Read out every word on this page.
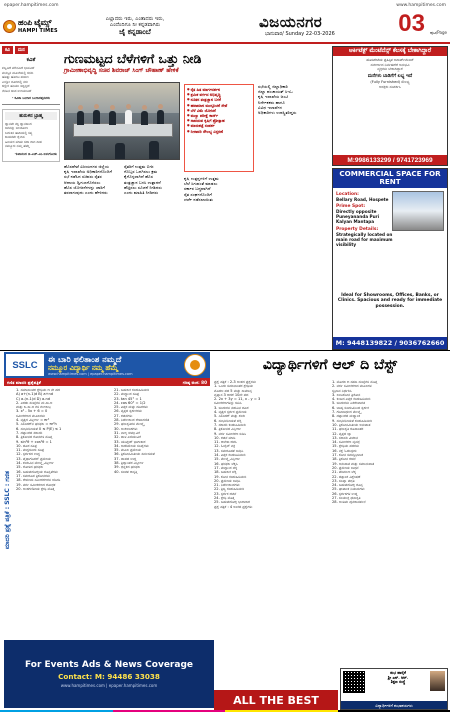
epaper.hampitimes.com	www.hampitimes.com
ಹಂಪಿ ಟೈಮ್ಸ್
HAMPI TIMES
ಎಲ್ಲಾದರು ಇರು, ಎಂತಾದರು ಇರು,
ಎಂದೆಂದಿಗೂ ನೀ ಕನ್ನಡವಾಗಿರು
ಜೈ ಕನ್ನಡಾಂಬೆ
ವಿಜಯನಗರ
ಭಾನುವಾರ/ Sunday 22-03-2026	03 ಪುಟ/Page
ಕವಿ	ಮನ
ಕವಿತೆ
ಶಬ್ದವಿದೆ ಮೌನವಿದೆ ಭಾವವಿದೆ
ಮನಸ್ಸಿನ ಮೂಲೆಯಲ್ಲಿ ಕನಸು
ಹೊತ್ತು ಹೊರಟ ಪಯಣ
ಎಲ್ಲೋ ದೂರದಲ್ಲಿ ನಗು
ಕಣ್ಣೀರ ಹನಿಯು ಸದ್ದಿಲ್ಲದೆ
ನೆನಪಿನ ದೀಪ ಉರಿಯುತಿದೆ
- ಕವಿತಾ ಬಂಗಾರ ಬಂಗಾರಪ್ಪನವರು
ಹುರುಳಿನ ಬ್ರಾಹ್ಮ
ಜ್ಞಾನವೇ ಶಕ್ತಿ ಜ್ಞಾನದಿಂದ
ಜಗವನ್ನು ಅರಿಯೋಣ
ಬದುಕಿನ ಹಾದಿಯಲ್ಲಿ ಸತ್ಯ
ಕಾಯಕವೇ ಕೈಲಾಸ
ಹಿರಿಯರ ಮಾತು ಸದಾ ದಾರಿ ದೀಪ
ನಮ್ಮೂರು ನಮ್ಮ ಹೆಮ್ಮೆ
-ಶಿವಾನಂದ ಚಿ.ಎಚ್.ಎಂ.ಬಿಳುಗೋಡು
ಗುಣಮಟ್ಟದ ಬೆಳೆಗಳಿಗೆ ಒತ್ತು ನೀಡಿ
ಗ್ರಾಮೀಣಾಭಿವೃದ್ಧಿ ಸಚಿವ ಶಿವರಾಜ್ ಸಿಂಗ್ ಚೌಹಾಣ್ ಹೇಳಿಕೆ
ಹೊಸಪೇಟೆ ವಿಜಯನಗರ ಜಿಲ್ಲೆಯ
ಕೃಷಿ ಇಲಾಖೆಯ ಅಧಿಕಾರಿಗಳೊಂದಿಗೆ
ಸಭೆ ನಡೆಸಿದ ಸಚಿವರು ರೈತರ
ಆದಾಯ ದ್ವಿಗುಣಗೊಳಿಸಲು
ಹೊಸ ಯೋಜನೆಗಳನ್ನು ಜಾರಿಗೆ
ತರಲಾಗುವುದು ಎಂದು ಹೇಳಿದರು
ರೈತರಿಗೆ ಉತ್ತಮ ಬೀಜ
ಗೊಬ್ಬರ ಒದಗಿಸಲು ಕ್ರಮ
ಕೈಗೊಳ್ಳಲಾಗಿದೆ ಹೊಸ
ತಂತ್ರಜ್ಞಾನ ಬಳಸಿ ಉತ್ಪಾದನೆ
ಹೆಚ್ಚಿಸಲು ಸೂಚನೆ ನೀಡಿದರು
ಎಂದು ಮಾಹಿತಿ ನೀಡಿದರು
● ರೈತ ಹಿತ ಮಾರ್ಗದರ್ಶನ
● ಶ್ರಮಿಕ ವರ್ಗದ ಅಭಿವೃದ್ಧಿ
● ನೂತನ ತಂತ್ರಜ್ಞಾನ ಬಳಕೆ
● ಹವಾಮಾನ ಮುನ್ಸೂಚನೆ ಸೇವೆ
● ಬೆಳೆ ವಿಮೆ ಯೋಜನೆ
● ಮಣ್ಣು ಪರೀಕ್ಷೆ ಕಾರ್ಡ್
● ಸಾವಯವ ಕೃಷಿಗೆ ಪ್ರೋತ್ಸಾಹ
● ಮಾರುಕಟ್ಟೆ ಸಂಪರ್ಕ
● ನೀರಾವರಿ ಸೌಲಭ್ಯ ವಿಸ್ತರಣೆ
ಕೃಷಿ ಉತ್ಪನ್ನಗಳಿಗೆ ಉತ್ತಮ
ಬೆಲೆ ಸಿಗುವಂತೆ ಮಾಡಲು
ಸರ್ಕಾರ ಬದ್ಧವಾಗಿದೆ
ರೈತ ಸಂಘಗಳೊಂದಿಗೆ
ಚರ್ಚೆ ನಡೆಸಲಾಯಿತು
ಸಭೆಯಲ್ಲಿ ಜಿಲ್ಲಾಧಿಕಾರಿ
ಜಿಲ್ಲಾ ಪಂಚಾಯತ್ ಸಿಇಒ
ಕೃಷಿ ಇಲಾಖೆಯ ಜಂಟಿ
ನಿರ್ದೇಶಕರು ಹಾಗೂ
ವಿವಿಧ ಇಲಾಖೆಗಳ
ಅಧಿಕಾರಿಗಳು ಉಪಸ್ಥಿತರಿದ್ದರು
ಆರ್ಕಿಟೆಕ್ಟ್ ಮೆಂಟೆನೆನ್ಸ್ ಕೆಲಸಕ್ಕೆ ಬೇಕಾಗಿದ್ದಾರೆ
ಹೊಸಪೇಟೆಯ ಪ್ರತಿಷ್ಠಿತ ಅಪಾರ್ಟ್‌ಮೆಂಟ್
ಸಂಕೀರ್ಣದ ನಿರ್ವಹಣೆಗೆ ಅನುಭವಿ
ವ್ಯಕ್ತಿಗಳು ಬೇಕಾಗಿದ್ದಾರೆ
ಮನೆಗಳು ಬಾಡಿಗೆಗೆ ಲಭ್ಯ ಇದೆ
(Fully Furnished) ಸೌಲಭ್ಯ
ಆಸಕ್ತರು ಸಂಪರ್ಕಿಸಿ
M:9986133299 / 9741723969
COMMERCIAL SPACE FOR RENT
Location:
Bellary Road, Hospete
Prime Spot:
Directly opposite Puneyananda Puri Kalyan Mantapa
Property Details:
Strategically located on main road for maximum visibility
Ideal for Showrooms, Offices, Banks, or Clinics. Spacious and ready for immediate possession.
M: 9448139822 / 9036762660
SSLC
ಈ ಬಾರಿ ಫಲಿತಾಂಶ ನಮ್ಮದೆ
ನಮ್ಮೂರ ವಿದ್ಯಾರ್ಥಿ ನಮ್ಮ ಹೆಮ್ಮೆ
www.hampitimes.com | epaper.hampitimes.com
ಗಣಿತ ಮಾದರಿ ಪ್ರಶ್ನೆಪತ್ರಿಕೆ	ಗರಿಷ್ಠ ಅಂಕ: 80
ಮಾದರಿ ಪ್ರಶ್ನೆ ಪತ್ರಿಕೆ : SSLC : ಗಣಿತ
1. ಸಮಾನಾಂತರ ಶ್ರೇಢಿಯ n ನೇ ಪದ
A) a+(n-1)d B) a+nd
C) a-(n-1)d D) a-nd
2. ಎರಡು ಸಂಖ್ಯೆಗಳ ಮ.ಸಾ.ಅ
ಮತ್ತು ಲ.ಸಾ.ಅ ಗಳ ಗುಣಲಬ್ಧ
3. x² - 5x + 6 = 0
ಸಮೀಕರಣದ ಮೂಲಗಳು
4. ವೃತ್ತದ ವಿಸ್ತೀರ್ಣ = πr²
5. ಸಿಲಿಂಡರ್‌ನ ಘನಫಲ = πr²h
6. ಸಂಭವನೀಯತೆ 0 ≤ P(E) ≤ 1
7. ದತ್ತಾಂಶದ ಸರಾಸರಿ
8. ತ್ರಿಕೋನದ ಕೋನಗಳ ಮೊತ್ತ
9. sin²θ + cos²θ = 1
10. ದೂರ ಸೂತ್ರ
11. ಮಧ್ಯಬಿಂದು ಸೂತ್ರ
12. ಸ್ಪರ್ಶಕದ ಉದ್ದ
13. ಪೈಥಾಗೊರಸ್ ಪ್ರಮೇಯ
14. ಶಂಕುವಿನ ಮೇಲ್ಮೈ ವಿಸ್ತೀರ್ಣ
15. ಗೋಳದ ಘನಫಲ
16. ಬಹುಪದೋಕ್ತಿಯ ಶೂನ್ಯತೆಗಳು
17. ಸಮರೂಪ ತ್ರಿಕೋನಗಳು
18. ರೇಖೀಯ ಸಮೀಕರಣಗಳ ಜೋಡಿ
19. ವರ್ಗ ಸಮೀಕರಣದ ಶೋಧಕ
20. ಅಂಕಗಣಿತೀಯ ಶ್ರೇಢಿ ಮೊತ್ತ
21. ಬಹುಲಕ ಕಂಡುಹಿಡಿಯಿರಿ
22. ಮಧ್ಯಾಂಕ ಸೂತ್ರ
23. tan 45° = 1
24. cos 60° = 1/2
25. ಎತ್ತರ ಮತ್ತು ದೂರಗಳು
26. ವೃತ್ತದ ಸ್ಪರ್ಶಕಗಳು
27. ರಚನೆಗಳು
28. ನಿರ್ದೇಶಾಂಕ ರೇಖಾಗಣಿತ
29. ಘನಾಕೃತಿಗಳ ಮೇಲ್ಮೈ
30. ಅಂಕಿಅಂಶಗಳು
31. ನಾಣ್ಯ ಚಿಮ್ಮುವಿಕೆ
32. ದಾಳ ಎಸೆಯುವಿಕೆ
33. ಯೂಕ್ಲಿಡ್ ಭಾಗಾಕಾರ
34. ಅಪರಿಮೇಯ ಸಂಖ್ಯೆಗಳು
35. ಮೂಲ ಪ್ರಮೇಯ
36. ತ್ರಿಕೋನಮಿತೀಯ ಸರ್ವಸಮತೆ
37. ಚಾಪದ ಉದ್ದ
38. ತ್ರಿಜ್ಯಾಂತರ ವಿಸ್ತೀರ್ಣ
39. ಛಿನ್ನಕದ ಘನಫಲ
40. ಸಂಚಿತ ಆವೃತ್ತಿ
ವಿದ್ಯಾರ್ಥಿಗಳಿಗೆ ಆಲ್ ದಿ ಬೆಸ್ಟ್
ಪ್ರಶ್ನೆ ಪತ್ರಿಕೆ : 2-3 ಅಂಕದ ಪ್ರಶ್ನೆಗಳು
1. ಒಂದು ಸಮಾನಾಂತರ ಶ್ರೇಢಿಯ
ಮೊದಲ ಪದ 5 ಮತ್ತು ಸಾಮಾನ್ಯ
ವ್ಯತ್ಯಾಸ 3 ಆದರೆ 10ನೇ ಪದ
2. 2x + 3y = 11, x - y = 3
ಸಮೀಕರಣಗಳನ್ನು ಬಿಡಿಸಿ
3. ಬಿಂದುಗಳ ನಡುವಿನ ದೂರ
4. ವೃತ್ತದ ಸ್ಪರ್ಶಕ ಪ್ರಮೇಯ
5. ಸಿಲಿಂಡರ್ ಮತ್ತು ಶಂಕು
6. ಸಂಭವನೀಯತೆ ಲೆಕ್ಕ
7. ಸರಾಸರಿ ಕಂಡುಹಿಡಿಯಿರಿ
8. ತ್ರಿಕೋನದ ವಿಸ್ತೀರ್ಣ
9. ವರ್ಗ ಸಮೀಕರಣ ಬಿಡಿಸಿ
10. ರಚನೆ ಮಾಡಿ
11. ಆಲೇಖ ರಚಿಸಿ
12. ಓಜೈವ್ ವಕ್ರ
13. ಸಮರೂಪತೆ ಸಾಧಿಸಿ
14. ಎತ್ತರ ಕಂಡುಹಿಡಿಯಿರಿ
15. ಮೇಲ್ಮೈ ವಿಸ್ತೀರ್ಣ
16. ಘನಫಲ ಲೆಕ್ಕಿಸಿ
17. ಮಧ್ಯಾಂಕ ಲೆಕ್ಕ
18. ಬಹುಲಕ ಲೆಕ್ಕ
19. ಕೋನ ಕಂಡುಹಿಡಿಯಿರಿ
20. ಪ್ರಮೇಯ ಸಾಧಿಸಿ
21. ನಿರ್ದೇಶಾಂಕಗಳು
22. ತ್ರಿಜ್ಯ ಕಂಡುಹಿಡಿಯಿರಿ
23. ಸ್ಪರ್ಶಕ ರಚನೆ
24. ಶ್ರೇಢಿ ಮೊತ್ತ
25. ಬಹುಪದೋಕ್ತಿ ಭಾಗಾಕಾರ
ಪ್ರಶ್ನೆ ಪತ್ರಿಕೆ : 4 ಅಂಕದ ಪ್ರಶ್ನೆಗಳು
1. ಮೊದಲ n ಸಹಜ ಸಂಖ್ಯೆಗಳ ಮೊತ್ತ
2. ವರ್ಗ ಸಮೀಕರಣದ ಮೂಲಗಳ
ಸ್ವಭಾವ ನಿರ್ಧರಿಸಿ
3. ಲಂಬಕೋನ ತ್ರಿಕೋನ
4. ಕಂಬದ ಎತ್ತರ ಕಂಡುಹಿಡಿಯಿರಿ
5. ಬಿಂದುಗಳು ಏಕರೇಖಾಗತ
6. ಬಾಹ್ಯ ಬಿಂದುವಿನಿಂದ ಸ್ಪರ್ಶಕ
7. ಗೋಳಾರ್ಧದ ಮೇಲ್ಮೈ
8. ದತ್ತಾಂಶದ ಮಧ್ಯಾಂಕ
9. ಸಂಭವನೀಯತೆ ಕಂಡುಹಿಡಿಯಿರಿ
10. ತ್ರಿಕೋನಮಿತೀಯ ಅನುಪಾತ
11. ಘನಾಕೃತಿ ರೂಪಾಂತರ
12. ವೃತ್ತದ ಜ್ಯಾ
13. ಸರಾಸರಿ ವಿಚಲನ
14. ಸಮೀಕರಣ ವ್ಯವಸ್ಥೆ
15. ಶ್ರೇಢಿಯ ಪದಗಳು
16. ನಕ್ಷೆ ಓದುವುದು
17. ಕೋನ ಸಮದ್ವಿಭಾಜಕ
18. ತ್ರಿಕೋನ ರಚನೆ
19. ಅನುಪಾತ ಮತ್ತು ಸಮಾನುಪಾತ
20. ಪ್ರಮೇಯ ಸಾಧನೆ
21. ಪರಿಮಾಣ ಲೆಕ್ಕ
22. ದತ್ತಾಂಶ ವಿಶ್ಲೇಷಣೆ
23. ಸಂಖ್ಯಾ ಪದ್ಧತಿ
24. ಬಹುಪದೋಕ್ತಿ ಶೂನ್ಯ
25. ಘಾತಾಂಕ ನಿಯಮಗಳು
26. ಸ್ಪರ್ಶಕಗಳ ಉದ್ದ
27. ಸಂಯುಕ್ತ ಘನಾಕೃತಿ
28. ಅಂತಿಮ ಪುನರಾವರ್ತನೆ
For Events Ads & News Coverage
Contact: M: 94486 33038
www.hampitimes.com | epaper.hampitimes.com
ALL THE BEST
ಶುಭ ಹಾರೈಕೆ
ಶ್ರೀ ಎನ್. ಆರ್.
ಶಿಕ್ಷಣ ಸಂಸ್ಥೆ
ವಿದ್ಯಾರ್ಥಿಗಳಿಗೆ ಶುಭಾಶಯಗಳು
